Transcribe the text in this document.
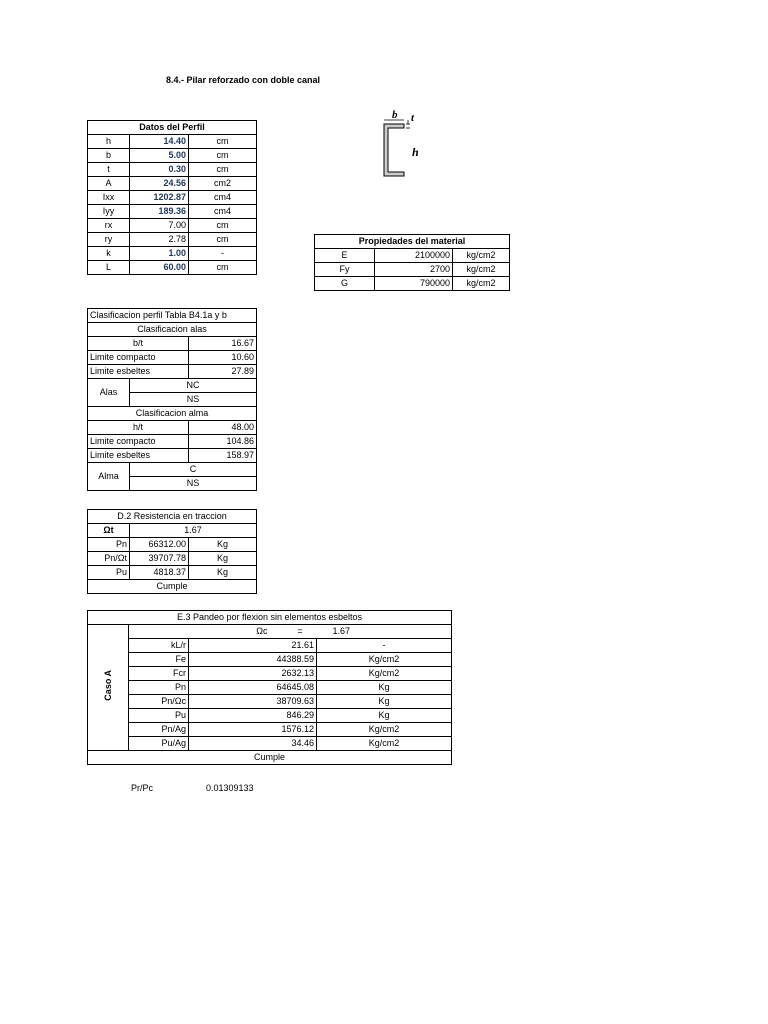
8.4.- Pilar reforzado con doble canal
Datos del Perfil		
h	14.40	cm
b	5.00	cm
t	0.30	cm
A	24.56	cm2
Ixx	1202.87	cm4
Iyy	189.36	cm4
rx	7.00	cm
ry	2.78	cm
k	1.00	-
L	60.00	cm
b t
h
Propiedades del material		
E	2100000	kg/cm2
Fy	2700	kg/cm2
G	790000	kg/cm2
Clasificacion perfil Tabla B4.1a y b		
Clasificacion alas		
b/t		16.67
Limite compacto		10.60
Limite esbeltes		27.89
Alas	NC	
	NS	
Clasificacion alma		
h/t		48.00
Limite compacto		104.86
Limite esbeltes		158.97
Alma	C	
	NS	
D.2 Resistencia en traccion		
Ωt	1.67	
Pn	66312.00	Kg
Pn/Ωt	39707.78	Kg
Pu	4818.37	Kg
Cumple		
E.3 Pandeo por flexion sin elementos esbeltos			
Caso A	Ωc = 1.67		
	kL/r	21.61	-
	Fe	44388.59	Kg/cm2
	Fcr	2632.13	Kg/cm2
	Pn	64645.08	Kg
	Pn/Ωc	38709.63	Kg
	Pu	846.29	Kg
	Pn/Ag	1576.12	Kg/cm2
	Pu/Ag	34.46	Kg/cm2
Cumple			
Pr/Pc	0.01309133
